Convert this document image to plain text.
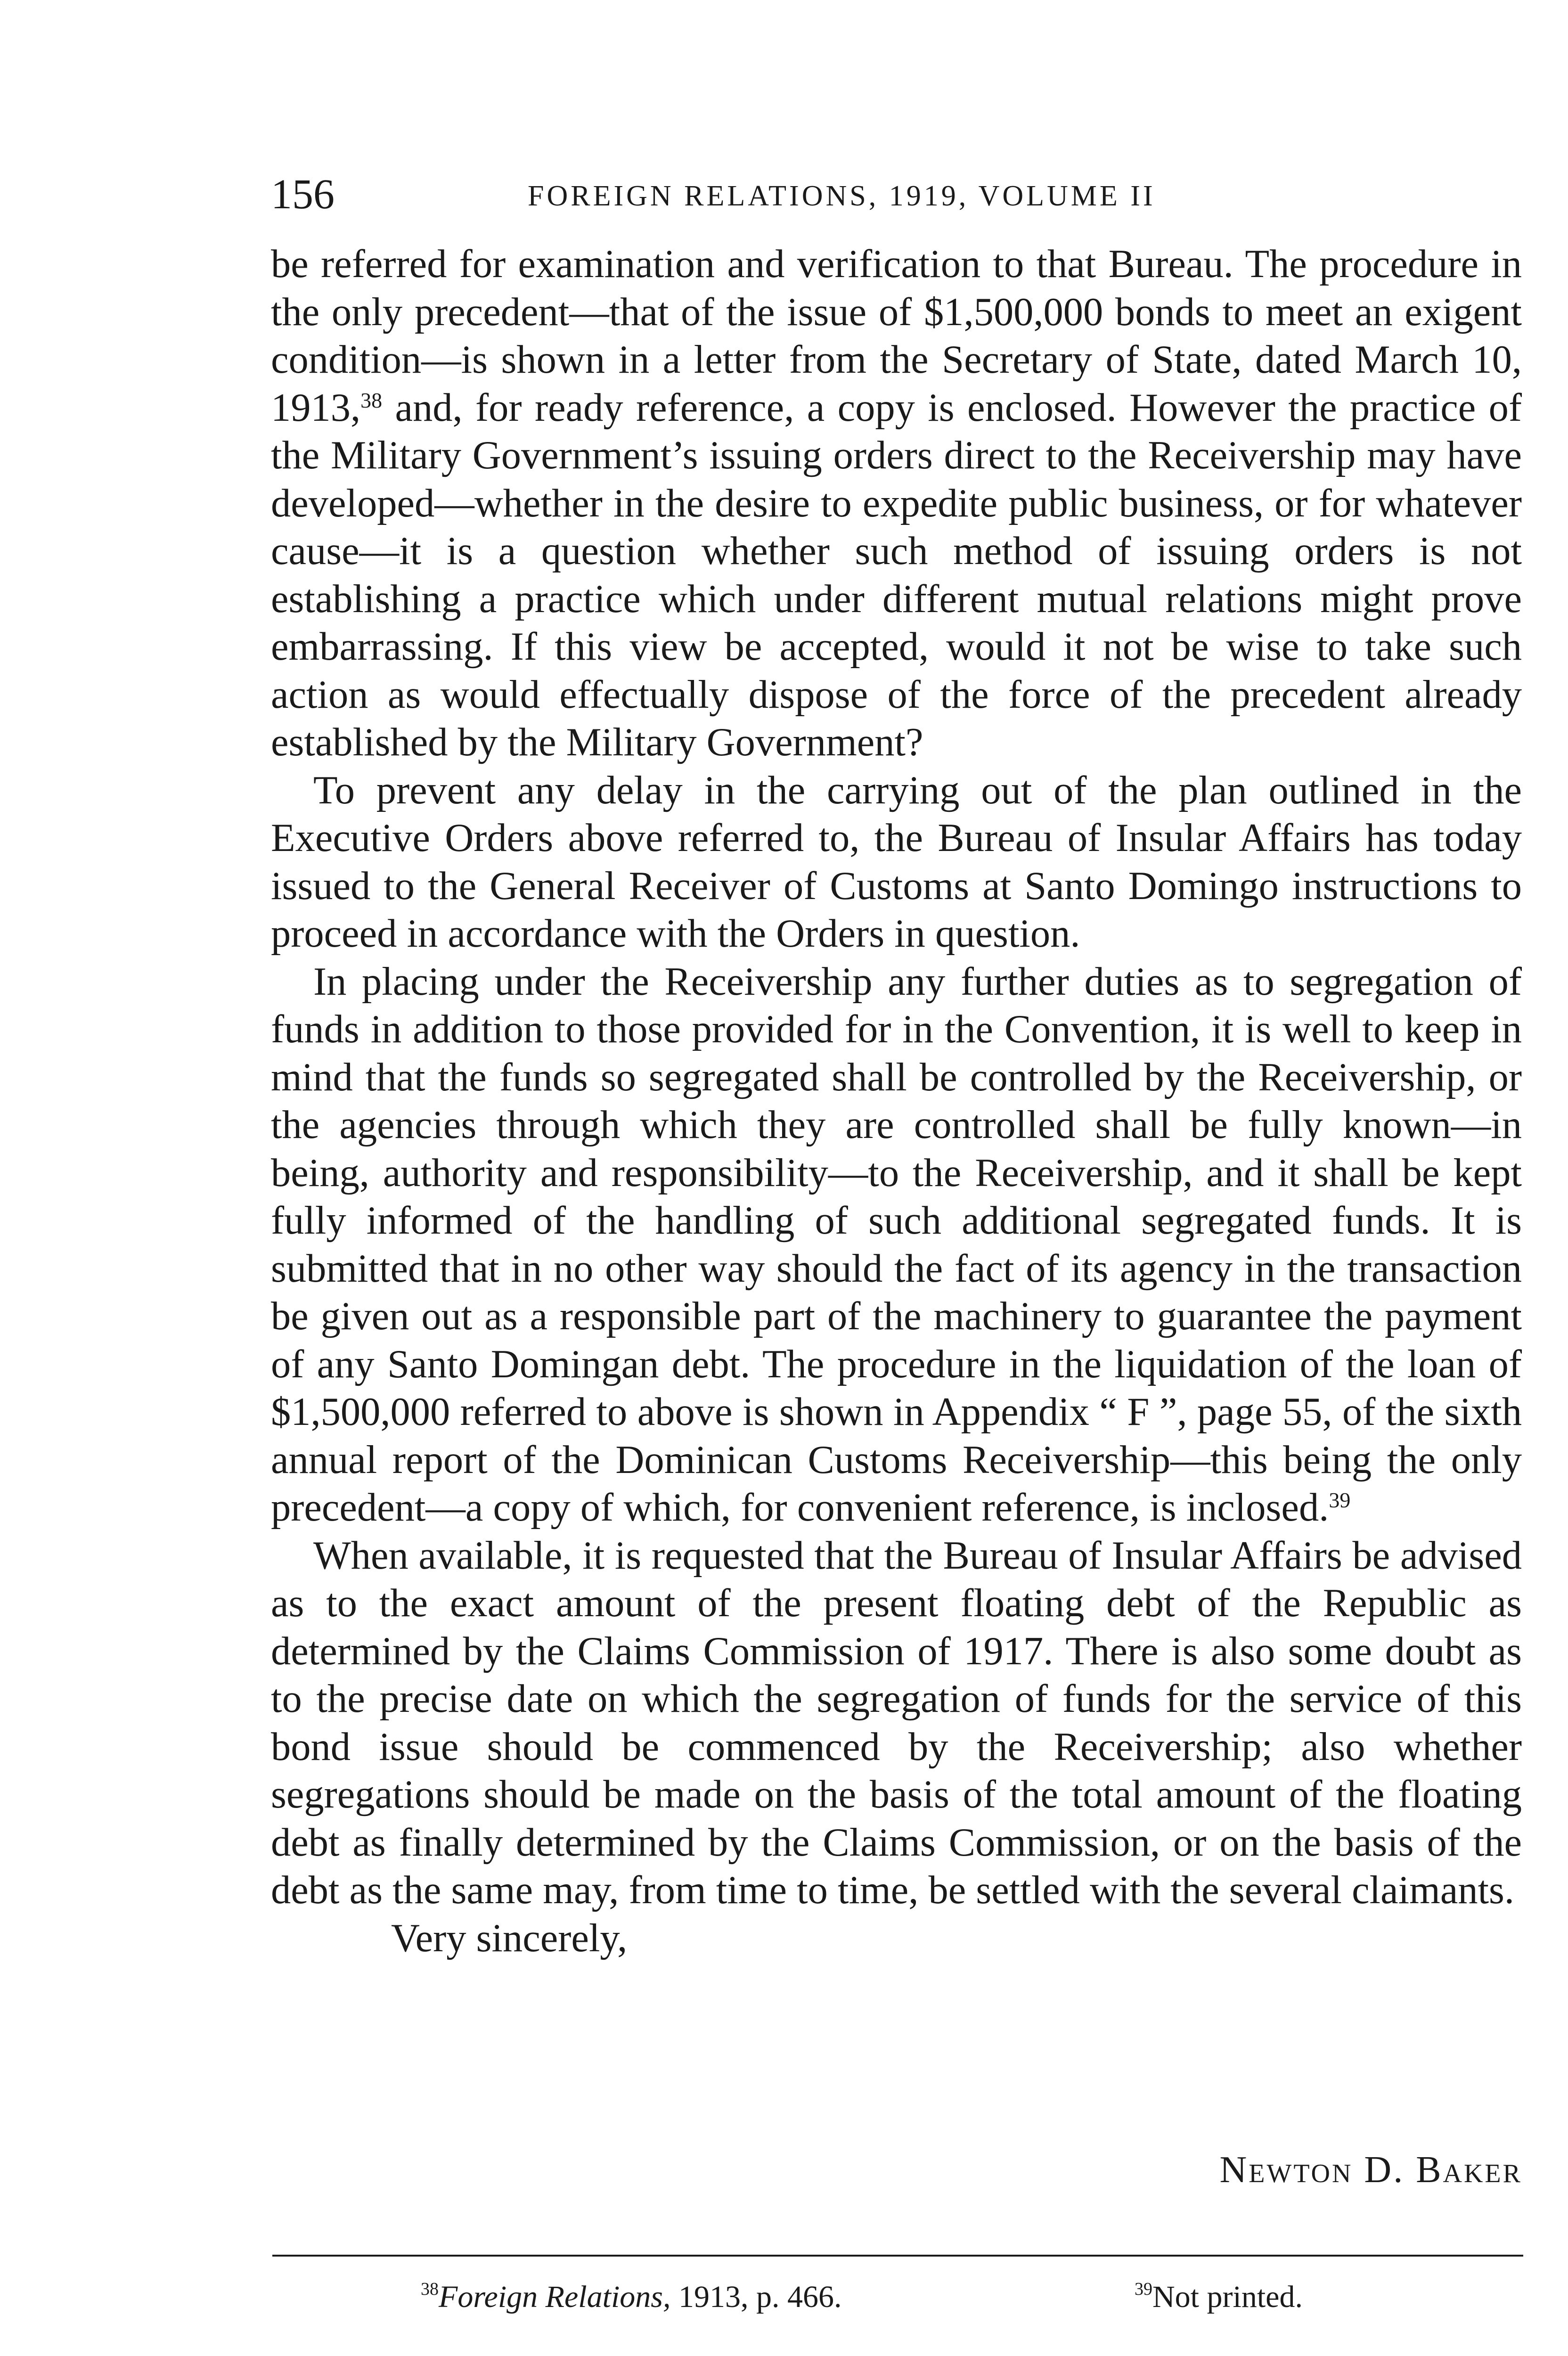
156	FOREIGN RELATIONS, 1919, VOLUME II

be referred for examination and verification to that Bureau. The procedure in the only precedent—that of the issue of $1,500,000 bonds to meet an exigent condition—is shown in a letter from the Secretary of State, dated March 10, 1913,38 and, for ready reference, a copy is enclosed. However the practice of the Military Government’s issuing orders direct to the Receivership may have developed—whether in the desire to expedite public business, or for whatever cause—it is a question whether such method of issuing orders is not establishing a practice which under different mutual relations might prove embarrassing. If this view be accepted, would it not be wise to take such action as would effectually dispose of the force of the precedent already established by the Military Government?

To prevent any delay in the carrying out of the plan outlined in the Executive Orders above referred to, the Bureau of Insular Affairs has today issued to the General Receiver of Customs at Santo Domingo instructions to proceed in accordance with the Orders in question.

In placing under the Receivership any further duties as to segregation of funds in addition to those provided for in the Convention, it is well to keep in mind that the funds so segregated shall be controlled by the Receivership, or the agencies through which they are controlled shall be fully known—in being, authority and responsibility—to the Receivership, and it shall be kept fully informed of the handling of such additional segregated funds. It is submitted that in no other way should the fact of its agency in the transaction be given out as a responsible part of the machinery to guarantee the payment of any Santo Domingan debt. The procedure in the liquidation of the loan of $1,500,000 referred to above is shown in Appendix “ F ”, page 55, of the sixth annual report of the Dominican Customs Receivership—this being the only precedent—a copy of which, for convenient reference, is inclosed.$^{39}$

When available, it is requested that the Bureau of Insular Affairs be advised as to the exact amount of the present floating debt of the Republic as determined by the Claims Commission of 1917. There is also some doubt as to the precise date on which the segregation of funds for the service of this bond issue should be commenced by the Receivership; also whether segregations should be made on the basis of the total amount of the floating debt as finally determined by the Claims Commission, or on the basis of the debt as the same may, from time to time, be settled with the several claimants.

Very sincerely,

Newton D. Baker
$^{38}$Foreign Relations, 1913, p. 466.	$^{39}$Not printed.
